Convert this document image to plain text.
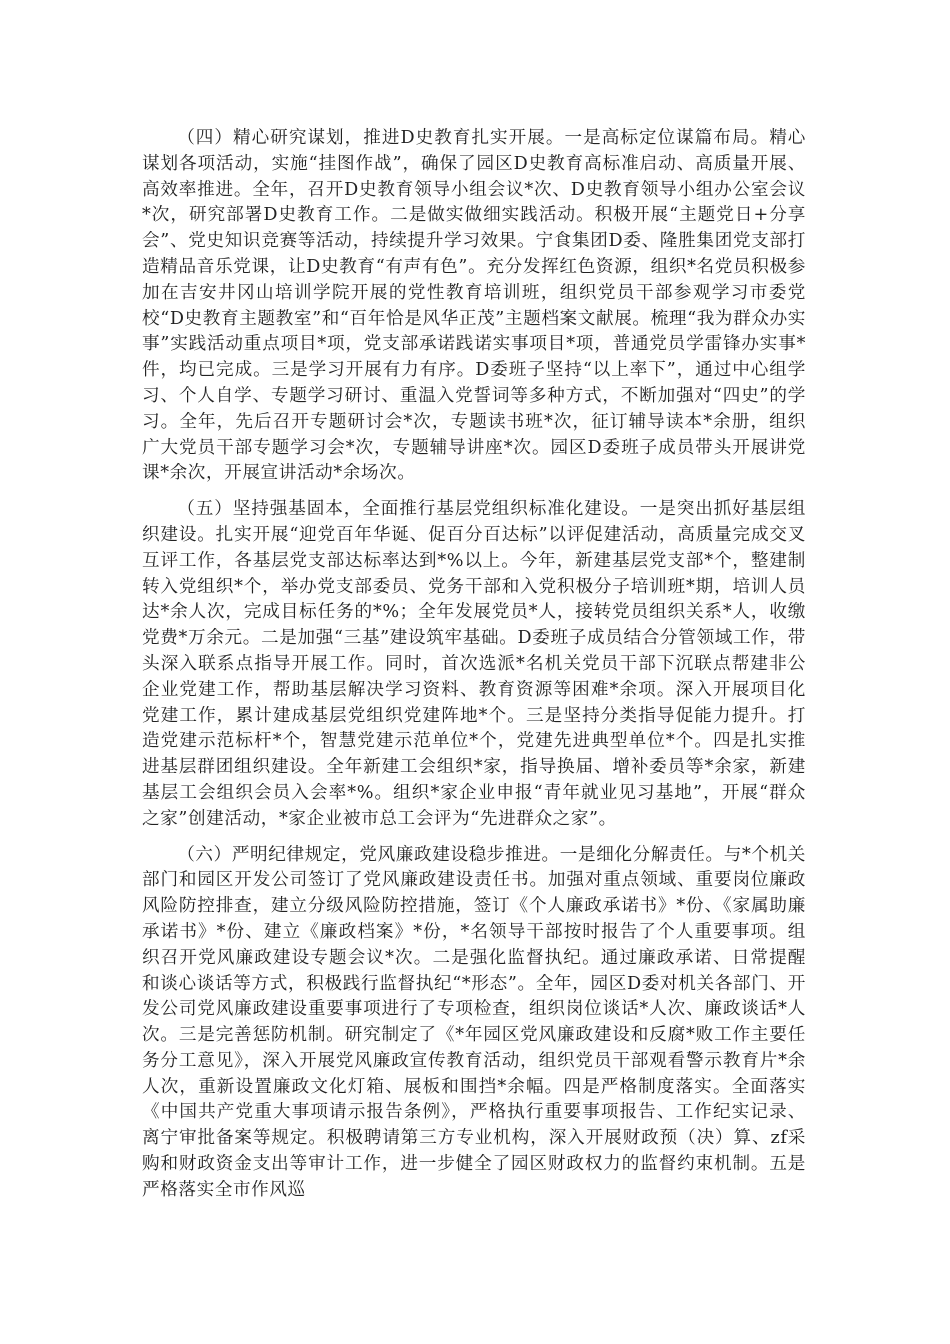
（四）精心研究谋划，推进D史教育扎实开展。一是高标定位谋篇布局。精心谋划各项活动，实施“挂图作战”，确保了园区D史教育高标准启动、高质量开展、高效率推进。全年，召开D史教育领导小组会议*次、D史教育领导小组办公室会议*次，研究部署D史教育工作。二是做实做细实践活动。积极开展“主题党日+分享会”、党史知识竞赛等活动，持续提升学习效果。宁食集团D委、隆胜集团党支部打造精品音乐党课，让D史教育“有声有色”。充分发挥红色资源，组织*名党员积极参加在吉安井冈山培训学院开展的党性教育培训班，组织党员干部参观学习市委党校“D史教育主题教室”和“百年恰是风华正茂”主题档案文献展。梳理“我为群众办实事”实践活动重点项目*项，党支部承诺践诺实事项目*项，普通党员学雷锋办实事*件，均已完成。三是学习开展有力有序。D委班子坚持“以上率下”，通过中心组学习、个人自学、专题学习研讨、重温入党誓词等多种方式，不断加强对“四史”的学习。全年，先后召开专题研讨会*次，专题读书班*次，征订辅导读本*余册，组织广大党员干部专题学习会*次，专题辅导讲座*次。园区D委班子成员带头开展讲党课*余次，开展宣讲活动*余场次。

（五）坚持强基固本，全面推行基层党组织标准化建设。一是突出抓好基层组织建设。扎实开展“迎党百年华诞、促百分百达标”以评促建活动，高质量完成交叉互评工作，各基层党支部达标率达到*%以上。今年，新建基层党支部*个，整建制转入党组织*个，举办党支部委员、党务干部和入党积极分子培训班*期，培训人员达*余人次，完成目标任务的*%；全年发展党员*人，接转党员组织关系*人，收缴党费*万余元。二是加强“三基”建设筑牢基础。D委班子成员结合分管领域工作，带头深入联系点指导开展工作。同时，首次选派*名机关党员干部下沉联点帮建非公企业党建工作，帮助基层解决学习资料、教育资源等困难*余项。深入开展项目化党建工作，累计建成基层党组织党建阵地*个。三是坚持分类指导促能力提升。打造党建示范标杆*个，智慧党建示范单位*个，党建先进典型单位*个。四是扎实推进基层群团组织建设。全年新建工会组织*家，指导换届、增补委员等*余家，新建基层工会组织会员入会率*%。组织*家企业申报“青年就业见习基地”，开展“群众之家”创建活动，*家企业被市总工会评为“先进群众之家”。

（六）严明纪律规定，党风廉政建设稳步推进。一是细化分解责任。与*个机关部门和园区开发公司签订了党风廉政建设责任书。加强对重点领域、重要岗位廉政风险防控排查，建立分级风险防控措施，签订《个人廉政承诺书》*份、《家属助廉承诺书》*份、建立《廉政档案》*份，*名领导干部按时报告了个人重要事项。组织召开党风廉政建设专题会议*次。二是强化监督执纪。通过廉政承诺、日常提醒和谈心谈话等方式，积极践行监督执纪“*形态”。全年，园区D委对机关各部门、开发公司党风廉政建设重要事项进行了专项检查，组织岗位谈话*人次、廉政谈话*人次。三是完善惩防机制。研究制定了《*年园区党风廉政建设和反腐*败工作主要任务分工意见》，深入开展党风廉政宣传教育活动，组织党员干部观看警示教育片*余人次，重新设置廉政文化灯箱、展板和围挡*余幅。四是严格制度落实。全面落实《中国共产党重大事项请示报告条例》，严格执行重要事项报告、工作纪实记录、离宁审批备案等规定。积极聘请第三方专业机构，深入开展财政预（决）算、zf采购和财政资金支出等审计工作，进一步健全了园区财政权力的监督约束机制。五是严格落实全市作风巡
